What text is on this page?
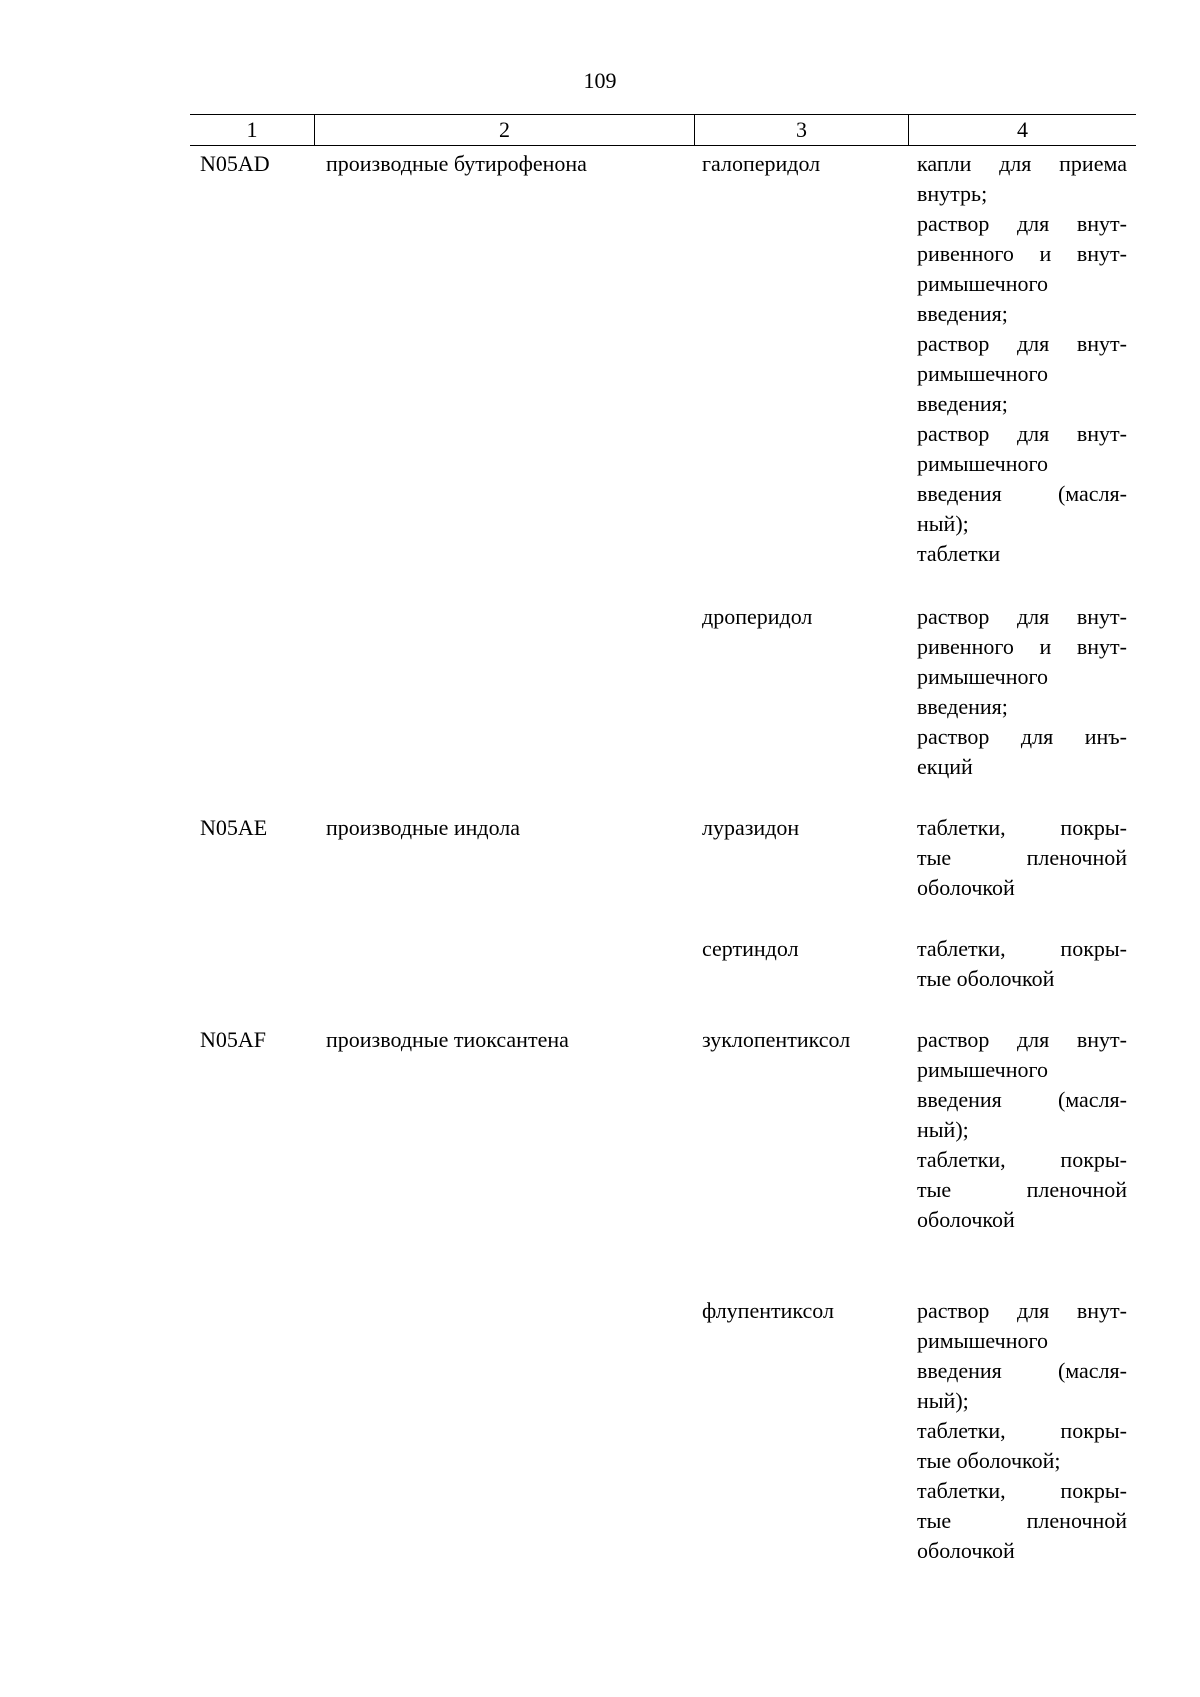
109
1	2	3	4
N05AD	производные бутирофенона	галоперидол	капли для приема
внутрь;
раствор для внут-
ривенного и внут-
римышечного
введения;
раствор для внут-
римышечного
введения;
раствор для внут-
римышечного
введения (масля-
ный);
таблетки
дроперидол	раствор для внут-
ривенного и внут-
римышечного
введения;
раствор для инъ-
екций
N05AE	производные индола	луразидон	таблетки, покры-
тые пленочной
оболочкой
сертиндол	таблетки, покры-
тые оболочкой
N05AF	производные тиоксантена	зуклопентиксол	раствор для внут-
римышечного
введения (масля-
ный);
таблетки, покры-
тые пленочной
оболочкой
флупентиксол	раствор для внут-
римышечного
введения (масля-
ный);
таблетки, покры-
тые оболочкой;
таблетки, покры-
тые пленочной
оболочкой
